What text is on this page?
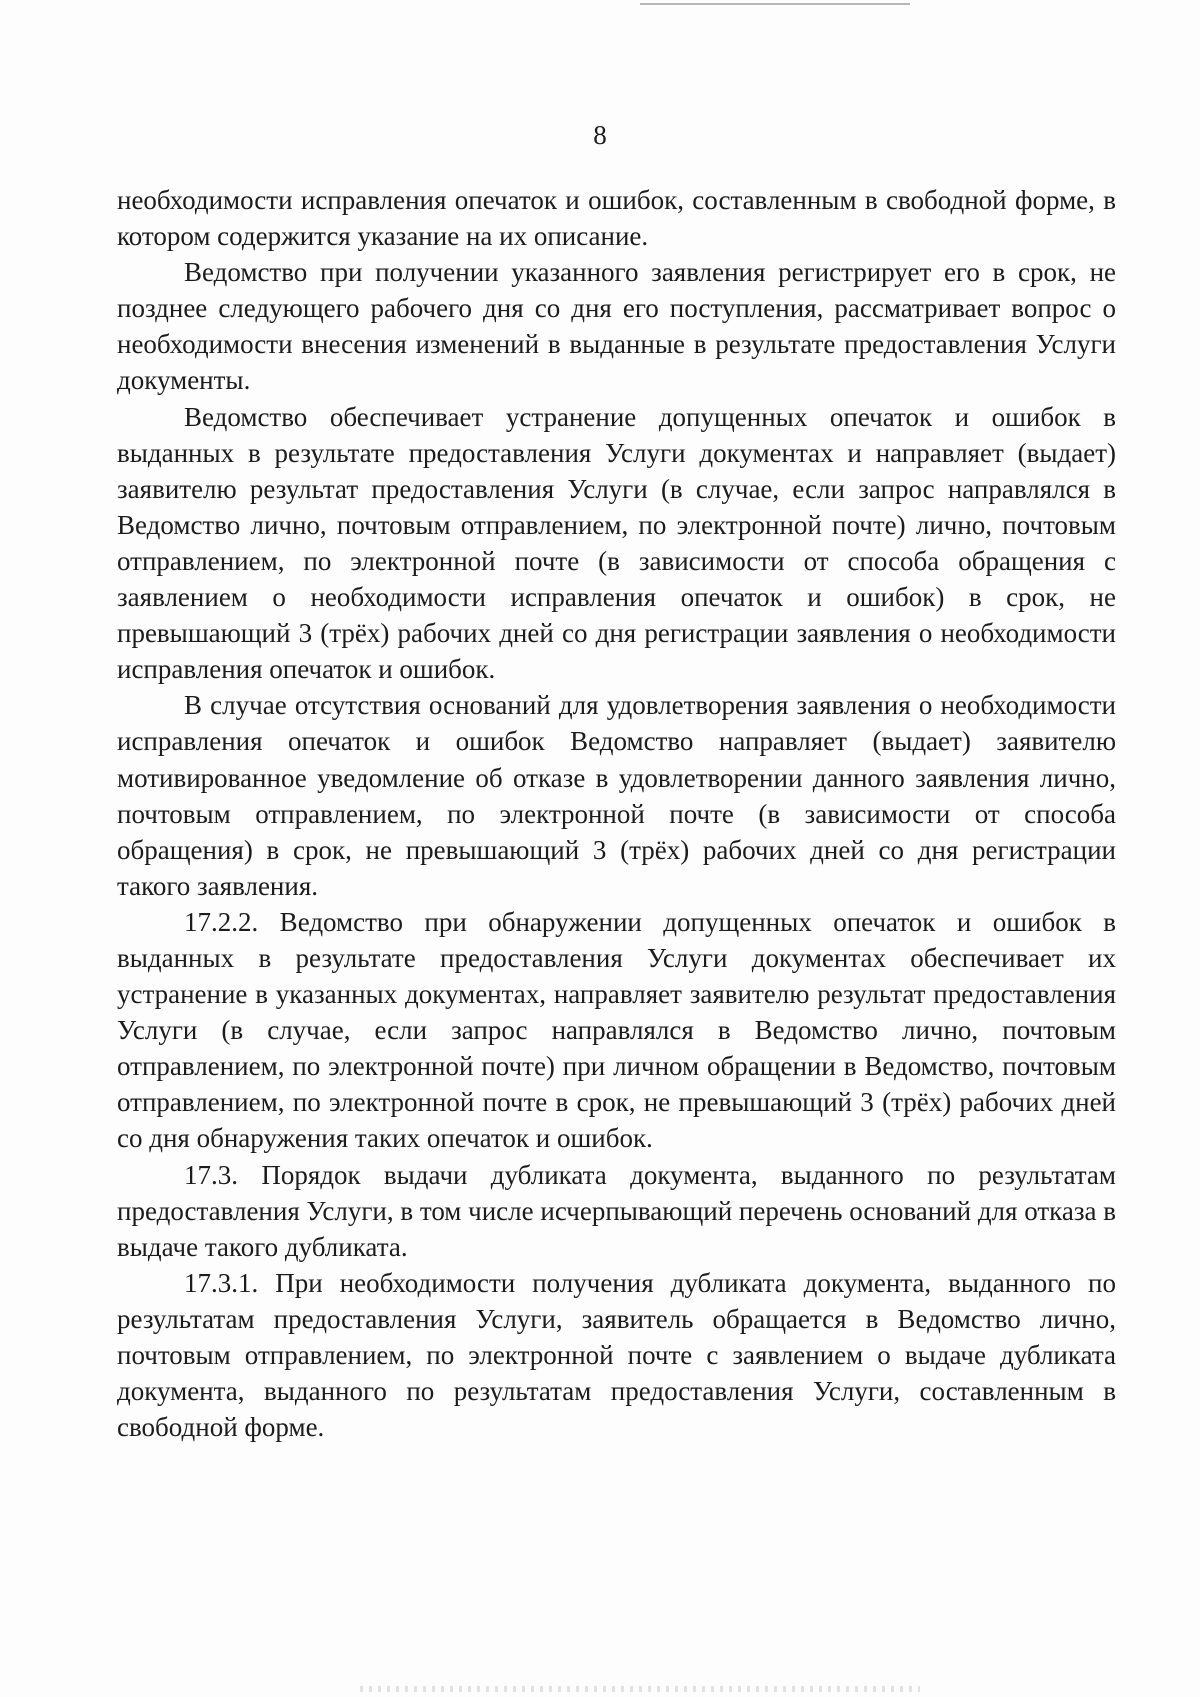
8

необходимости исправления опечаток и ошибок, составленным в свободной форме, в котором содержится указание на их описание.

Ведомство при получении указанного заявления регистрирует его в срок, не позднее следующего рабочего дня со дня его поступления, рассматривает вопрос о необходимости внесения изменений в выданные в результате предоставления Услуги документы.

Ведомство обеспечивает устранение допущенных опечаток и ошибок в выданных в результате предоставления Услуги документах и направляет (выдает) заявителю результат предоставления Услуги (в случае, если запрос направлялся в Ведомство лично, почтовым отправлением, по электронной почте) лично, почтовым отправлением, по электронной почте (в зависимости от способа обращения с заявлением о необходимости исправления опечаток и ошибок) в срок, не превышающий 3 (трёх) рабочих дней со дня регистрации заявления о необходимости исправления опечаток и ошибок.

В случае отсутствия оснований для удовлетворения заявления о необходимости исправления опечаток и ошибок Ведомство направляет (выдает) заявителю мотивированное уведомление об отказе в удовлетворении данного заявления лично, почтовым отправлением, по электронной почте (в зависимости от способа обращения) в срок, не превышающий 3 (трёх) рабочих дней со дня регистрации такого заявления.

17.2.2. Ведомство при обнаружении допущенных опечаток и ошибок в выданных в результате предоставления Услуги документах обеспечивает их устранение в указанных документах, направляет заявителю результат предоставления Услуги (в случае, если запрос направлялся в Ведомство лично, почтовым отправлением, по электронной почте) при личном обращении в Ведомство, почтовым отправлением, по электронной почте в срок, не превышающий 3 (трёх) рабочих дней со дня обнаружения таких опечаток и ошибок.

17.3. Порядок выдачи дубликата документа, выданного по результатам предоставления Услуги, в том числе исчерпывающий перечень оснований для отказа в выдаче такого дубликата.

17.3.1. При необходимости получения дубликата документа, выданного по результатам предоставления Услуги, заявитель обращается в Ведомство лично, почтовым отправлением, по электронной почте с заявлением о выдаче дубликата документа, выданного по результатам предоставления Услуги, составленным в свободной форме.
